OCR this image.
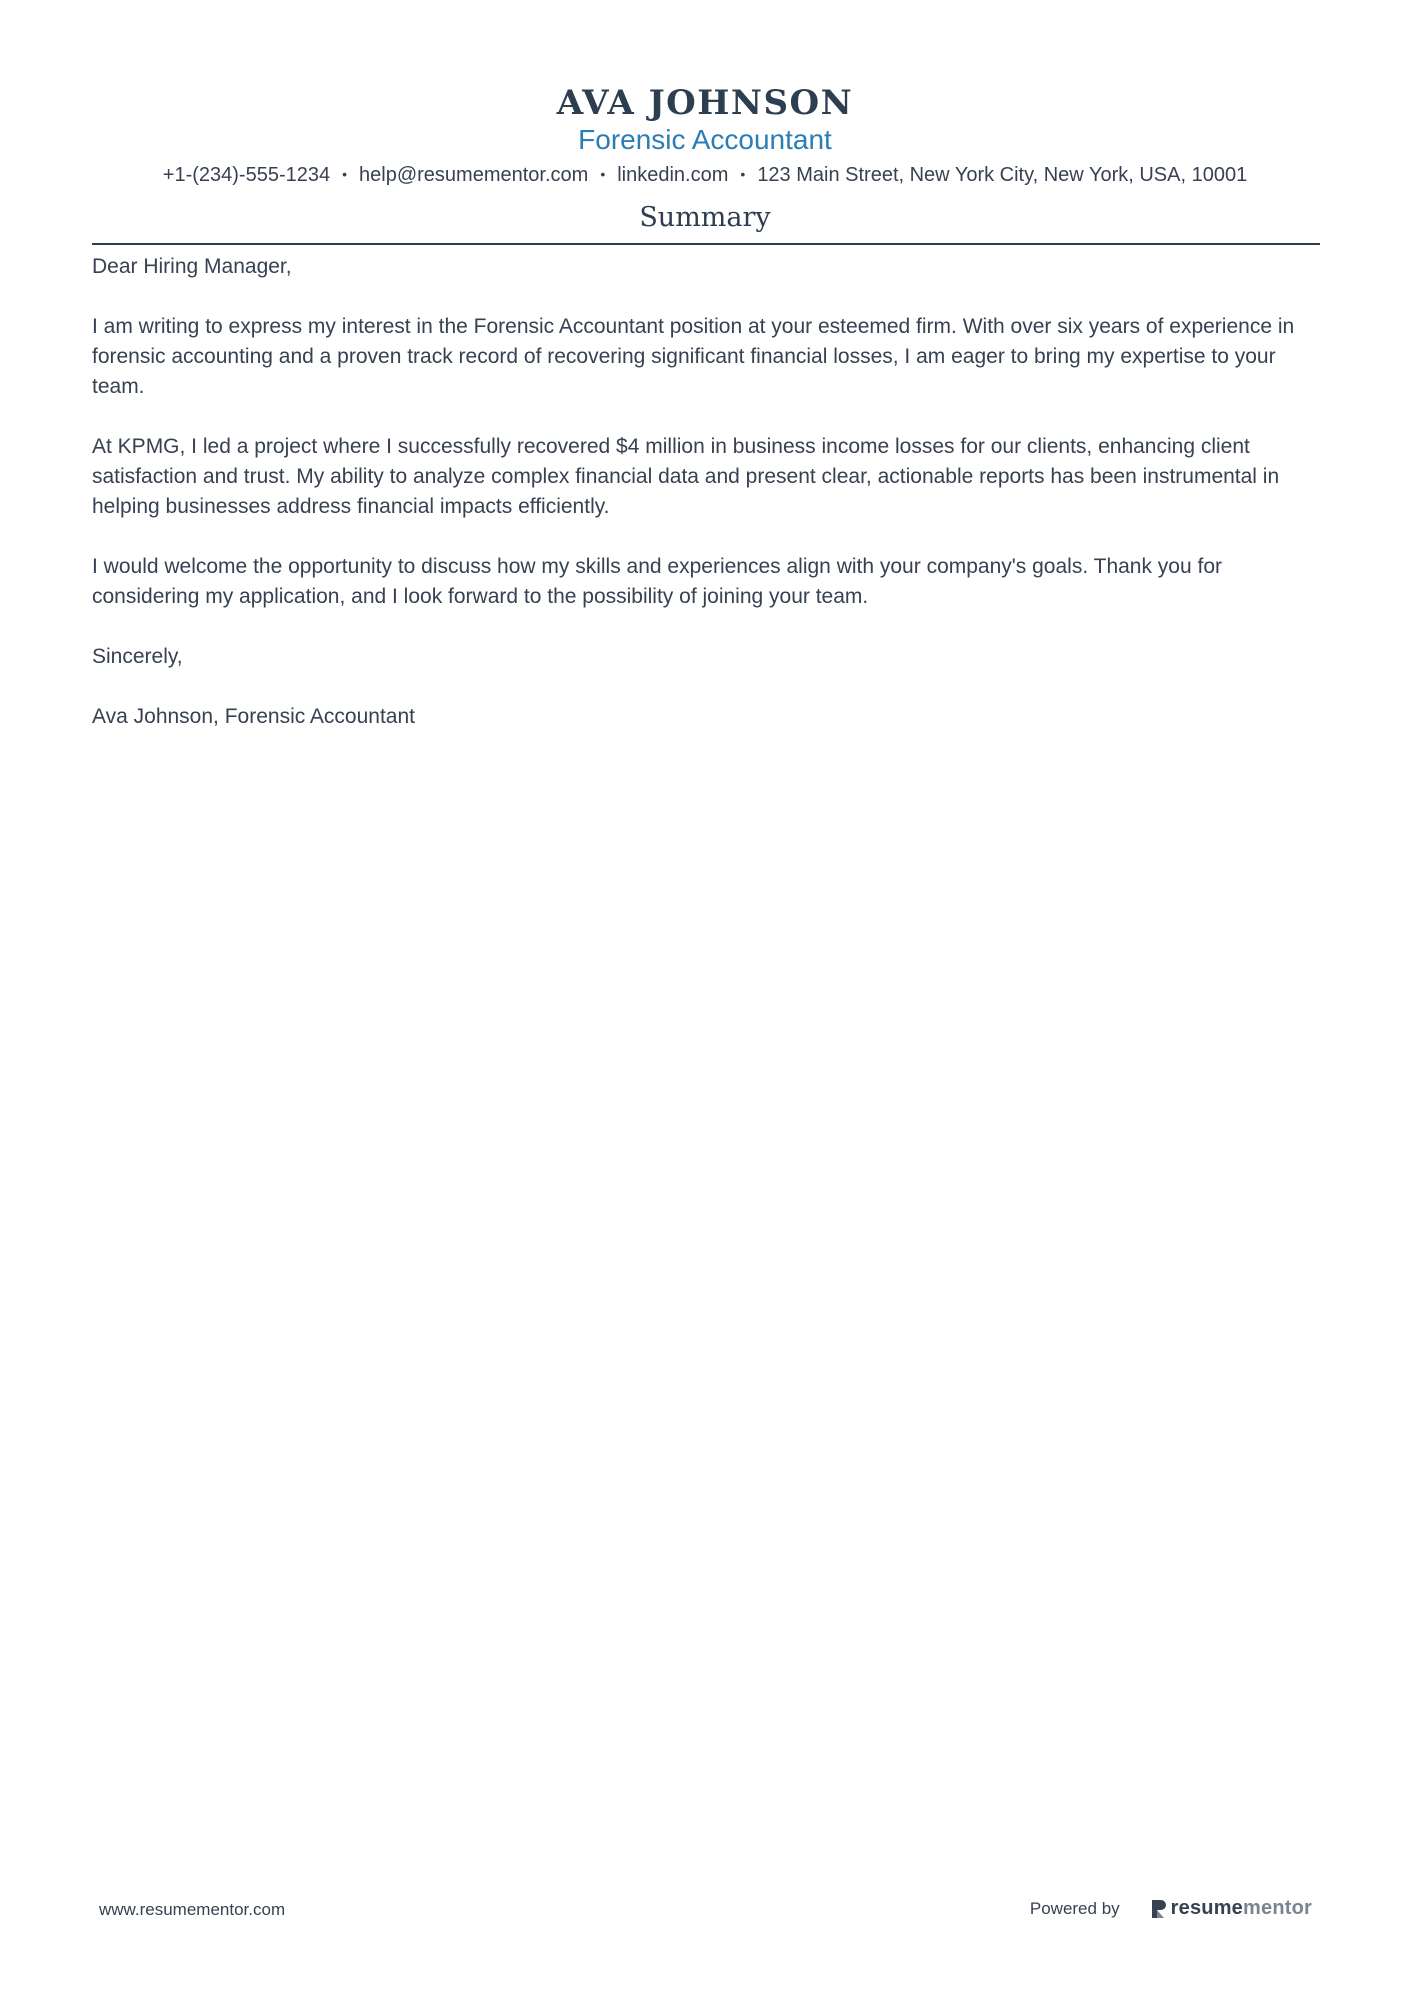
AVA JOHNSON
Forensic Accountant
+1-(234)-555-1234 • help@resumementor.com • linkedin.com • 123 Main Street, New York City, New York, USA, 10001
Summary

Dear Hiring Manager,

I am writing to express my interest in the Forensic Accountant position at your esteemed firm. With over six years of experience in forensic accounting and a proven track record of recovering significant financial losses, I am eager to bring my expertise to your team.

At KPMG, I led a project where I successfully recovered $4 million in business income losses for our clients, enhancing client satisfaction and trust. My ability to analyze complex financial data and present clear, actionable reports has been instrumental in helping businesses address financial impacts efficiently.

I would welcome the opportunity to discuss how my skills and experiences align with your company's goals. Thank you for considering my application, and I look forward to the possibility of joining your team.

Sincerely,

Ava Johnson, Forensic Accountant

www.resumementor.com	Powered by	resume mentor
